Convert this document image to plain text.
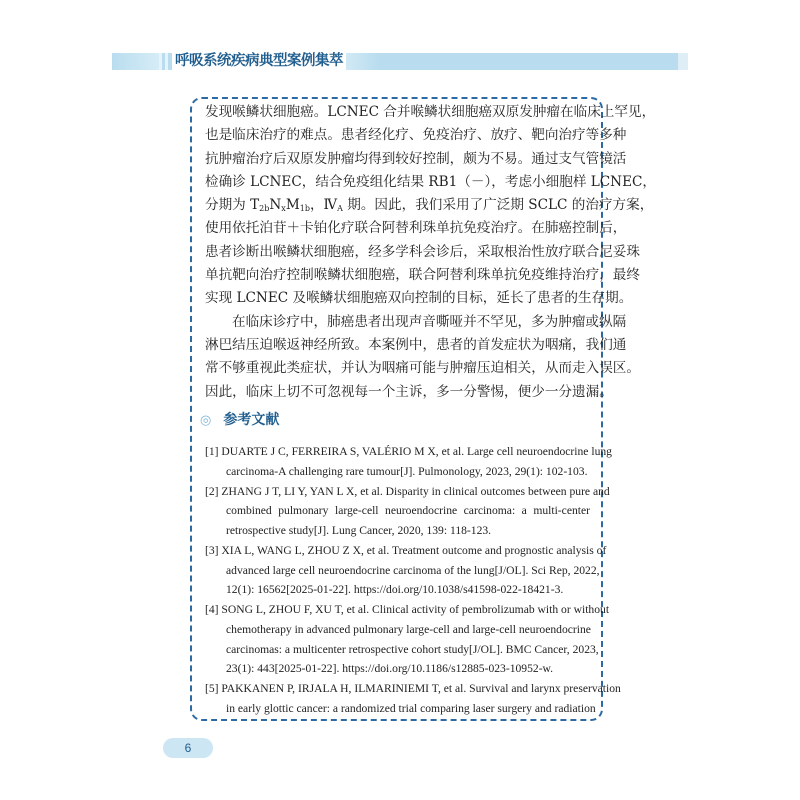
呼吸系统疾病典型案例集萃
发现喉鳞状细胞癌。LCNEC 合并喉鳞状细胞癌双原发肿瘤在临床上罕见，
也是临床治疗的难点。患者经化疗、免疫治疗、放疗、靶向治疗等多种
抗肿瘤治疗后双原发肿瘤均得到较好控制，颇为不易。通过支气管镜活
检确诊 LCNEC，结合免疫组化结果 RB1（－），考虑小细胞样 LCNEC，
分期为 $T_{2b}N_xM_{1b}$，$Ⅳ_A$ 期。因此，我们采用了广泛期 SCLC 的治疗方案，
使用依托泊苷＋卡铂化疗联合阿替利珠单抗免疫治疗。在肺癌控制后，
患者诊断出喉鳞状细胞癌，经多学科会诊后，采取根治性放疗联合尼妥珠
单抗靶向治疗控制喉鳞状细胞癌，联合阿替利珠单抗免疫维持治疗，最终
实现 LCNEC 及喉鳞状细胞癌双向控制的目标，延长了患者的生存期。
在临床诊疗中，肺癌患者出现声音嘶哑并不罕见，多为肿瘤或纵隔
淋巴结压迫喉返神经所致。本案例中，患者的首发症状为咽痛，我们通
常不够重视此类症状，并认为咽痛可能与肿瘤压迫相关，从而走入误区。
因此，临床上切不可忽视每一个主诉，多一分警惕，便少一分遗漏。
◎ 参考文献
[1] DUARTE J C, FERREIRA S, VALÉRIO M X, et al. Large cell neuroendocrine lung
carcinoma-A challenging rare tumour[J]. Pulmonology, 2023, 29(1): 102-103.
[2] ZHANG J T, LI Y, YAN L X, et al. Disparity in clinical outcomes between pure and
combined pulmonary large-cell neuroendocrine carcinoma: a multi-center
retrospective study[J]. Lung Cancer, 2020, 139: 118-123.
[3] XIA L, WANG L, ZHOU Z X, et al. Treatment outcome and prognostic analysis of
advanced large cell neuroendocrine carcinoma of the lung[J/OL]. Sci Rep, 2022,
12(1): 16562[2025-01-22]. https://doi.org/10.1038/s41598-022-18421-3.
[4] SONG L, ZHOU F, XU T, et al. Clinical activity of pembrolizumab with or without
chemotherapy in advanced pulmonary large-cell and large-cell neuroendocrine
carcinomas: a multicenter retrospective cohort study[J/OL]. BMC Cancer, 2023,
23(1): 443[2025-01-22]. https://doi.org/10.1186/s12885-023-10952-w.
[5] PAKKANEN P, IRJALA H, ILMARINIEMI T, et al. Survival and larynx preservation
in early glottic cancer: a randomized trial comparing laser surgery and radiation
6
